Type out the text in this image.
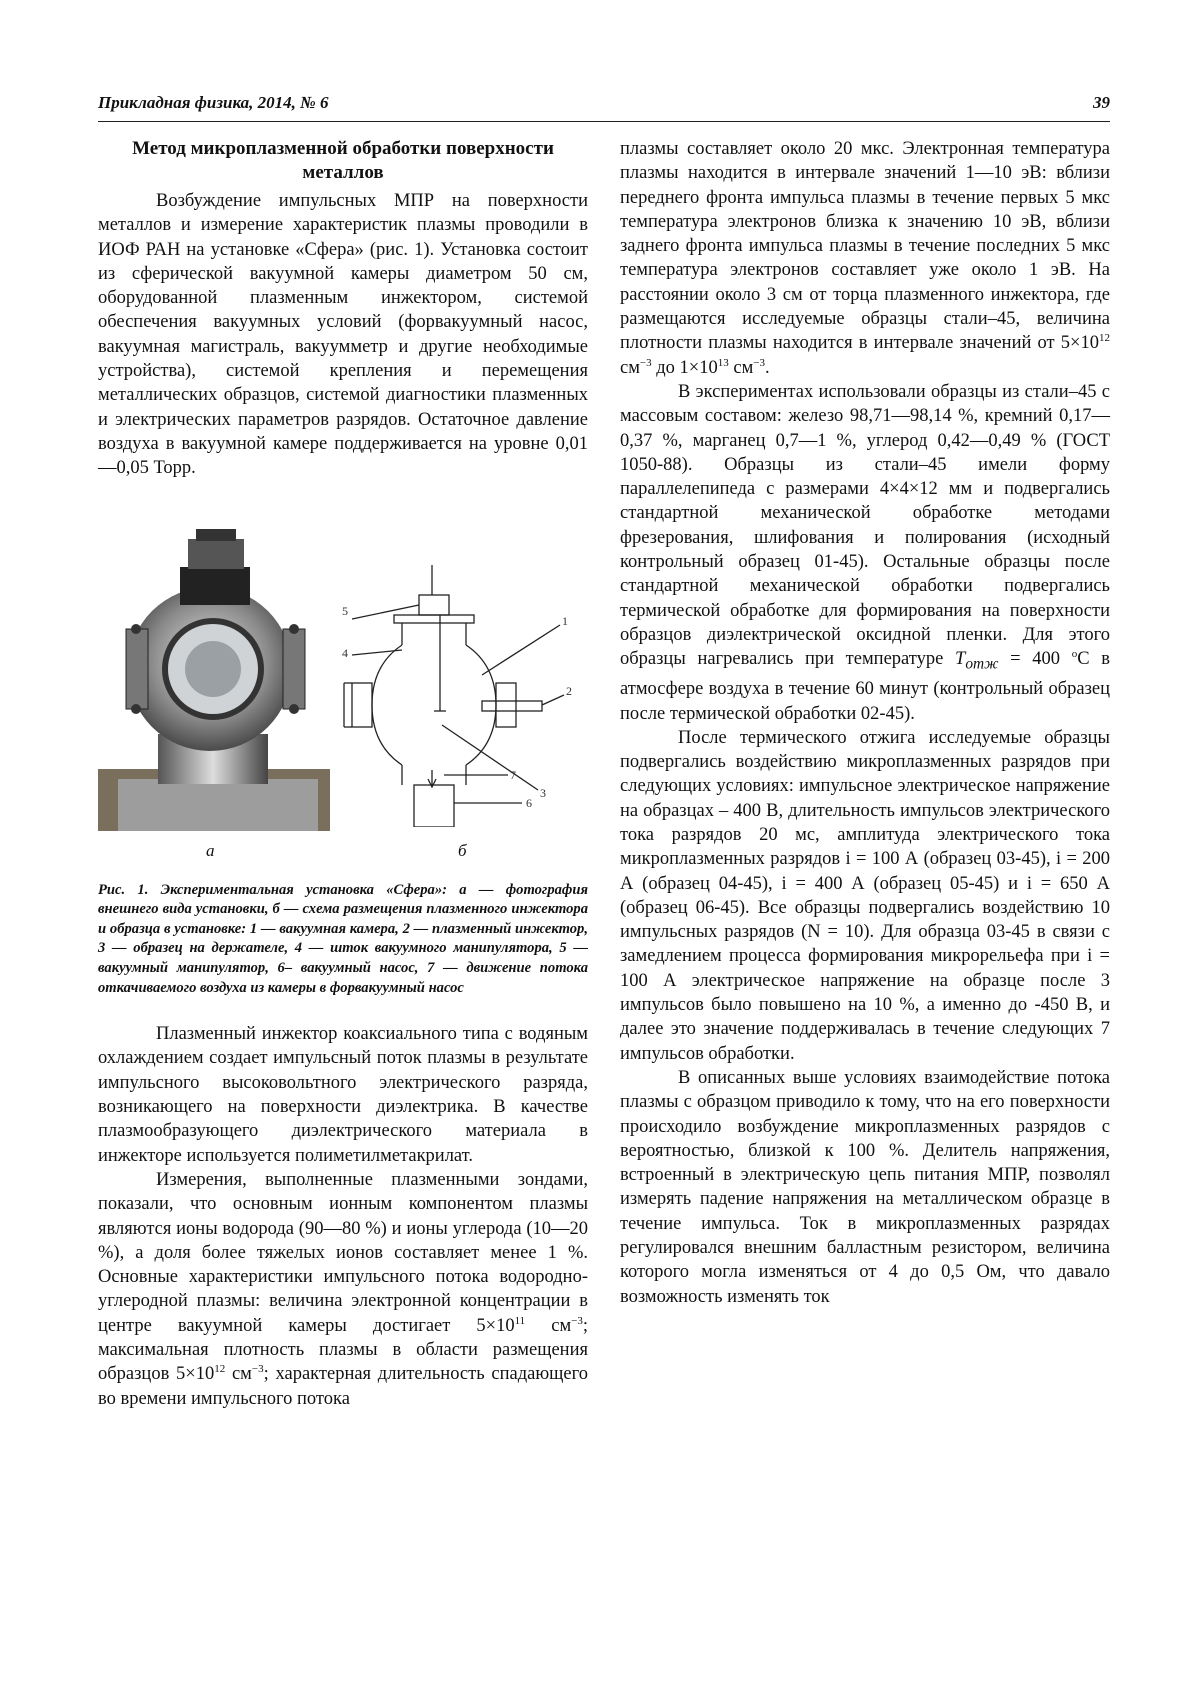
Прикладная физика, 2014, № 6	39
Метод микроплазменной обработки поверхности металлов

Возбуждение импульсных МПР на поверхности металлов и измерение характеристик плазмы проводили в ИОФ РАН на установке «Сфера» (рис. 1). Установка состоит из сферической вакуумной камеры диаметром 50 см, оборудованной плазменным инжектором, системой обеспечения вакуумных условий (форвакуумный насос, вакуумная магистраль, вакуумметр и другие необходимые устройства), системой крепления и перемещения металлических образцов, системой диагностики плазменных и электрических параметров разрядов. Остаточное давление воздуха в вакуумной камере поддерживается на уровне 0,01—0,05 Торр.

1
2
3
4
5
6
7
а	б
Рис. 1. Экспериментальная установка «Сфера»: а — фотография внешнего вида установки, б — схема размещения плазменного инжектора и образца в установке: 1 — вакуумная камера, 2 — плазменный инжектор, 3 — образец на держателе, 4 — шток вакуумного манипулятора, 5 — вакуумный манипулятор, 6– вакуумный насос, 7 — движение потока откачиваемого воздуха из камеры в форвакуумный насос

Плазменный инжектор коаксиального типа с водяным охлаждением создает импульсный поток плазмы в результате импульсного высоковольтного электрического разряда, возникающего на поверхности диэлектрика. В качестве плазмообразующего диэлектрического материала в инжекторе используется полиметилметакрилат.

Измерения, выполненные плазменными зондами, показали, что основным ионным компонентом плазмы являются ионы водорода (90—80 %) и ионы углерода (10—20 %), а доля более тяжелых ионов составляет менее 1 %. Основные характеристики импульсного потока водородно-углеродной плазмы: величина электронной концентрации в центре вакуумной камеры достигает $5\times 10^{11}$ $см^{-3}$; максимальная плотность плазмы в области размещения образцов $5\times 10^{12}$ $см^{-3}$; характерная длительность спадающего во времени импульсного потока

плазмы составляет около 20 мкс. Электронная температура плазмы находится в интервале значений 1—10 эВ: вблизи переднего фронта импульса плазмы в течение первых 5 мкс температура электронов близка к значению 10 эВ, вблизи заднего фронта импульса плазмы в течение последних 5 мкс температура электронов составляет уже около 1 эВ. На расстоянии около 3 см от торца плазменного инжектора, где размещаются исследуемые образцы стали–45, величина плотности плазмы находится в интервале значений от $5\times 10^{12}$ $см^{-3}$ до $1\times 10^{13}$ $см^{-3}$.

В экспериментах использовали образцы из стали–45 с массовым составом: железо 98,71—98,14 %, кремний 0,17—0,37 %, марганец 0,7—1 %, углерод 0,42—0,49 % (ГОСТ 1050-88). Образцы из стали–45 имели форму параллелепипеда с размерами 4×4×12 мм и подвергались стандартной механической обработке методами фрезерования, шлифования и полирования (исходный контрольный образец 01-45). Остальные образцы после стандартной механической обработки подвергались термической обработке для формирования на поверхности образцов диэлектрической оксидной пленки. Для этого образцы нагревались при температуре $T_{отж} = 400$ $^о$С в атмосфере воздуха в течение 60 минут (контрольный образец после термической обработки 02-45).

После термического отжига исследуемые образцы подвергались воздействию микроплазменных разрядов при следующих условиях: импульсное электрическое напряжение на образцах – 400 В, длительность импульсов электрического тока разрядов 20 мс, амплитуда электрического тока микроплазменных разрядов i = 100 А (образец 03-45), i = 200 А (образец 04-45), i = 400 А (образец 05-45) и i = 650 А (образец 06-45). Все образцы подвергались воздействию 10 импульсных разрядов (N = 10). Для образца 03-45 в связи с замедлением процесса формирования микрорельефа при i = 100 А электрическое напряжение на образце после 3 импульсов было повышено на 10 %, а именно до -450 В, и далее это значение поддерживалась в течение следующих 7 импульсов обработки.

В описанных выше условиях взаимодействие потока плазмы с образцом приводило к тому, что на его поверхности происходило возбуждение микроплазменных разрядов с вероятностью, близкой к 100 %. Делитель напряжения, встроенный в электрическую цепь питания МПР, позволял измерять падение напряжения на металлическом образце в течение импульса. Ток в микроплазменных разрядах регулировался внешним балластным резистором, величина которого могла изменяться от 4 до 0,5 Ом, что давало возможность изменять ток
